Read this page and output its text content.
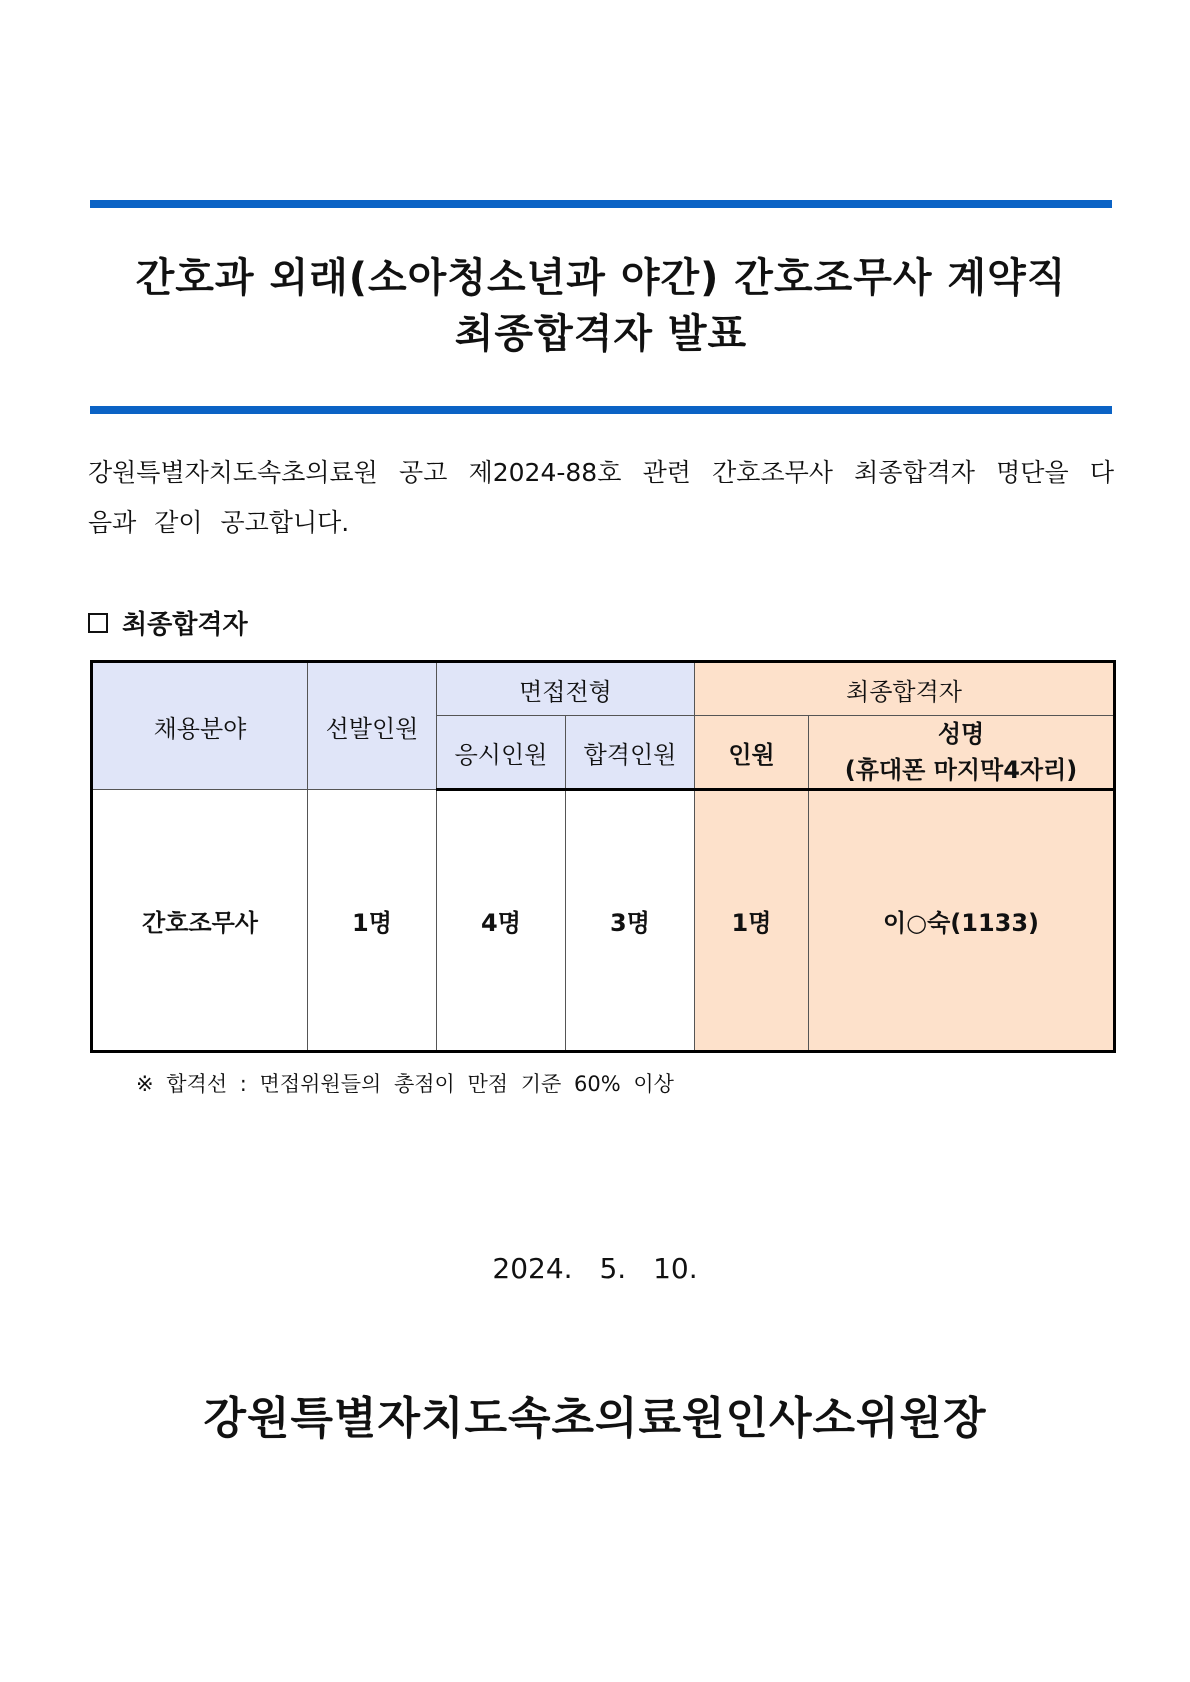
간호과 외래(소아청소년과 야간) 간호조무사 계약직
최종합격자 발표
강원특별자치도속초의료원 공고 제2024-88호 관련 간호조무사 최종합격자 명단을 다음과 같이 공고합니다.
최종합격자
채용분야	선발인원	면접전형		최종합격자	
		응시인원	합격인원	인원	성명
(휴대폰 마지막4자리)

간호조무사	1명	4명	3명	1명	이○숙(1133)
※ 합격선 : 면접위원들의 총점이 만점 기준 60% 이상
2024. 5. 10.
강원특별자치도속초의료원인사소위원장
